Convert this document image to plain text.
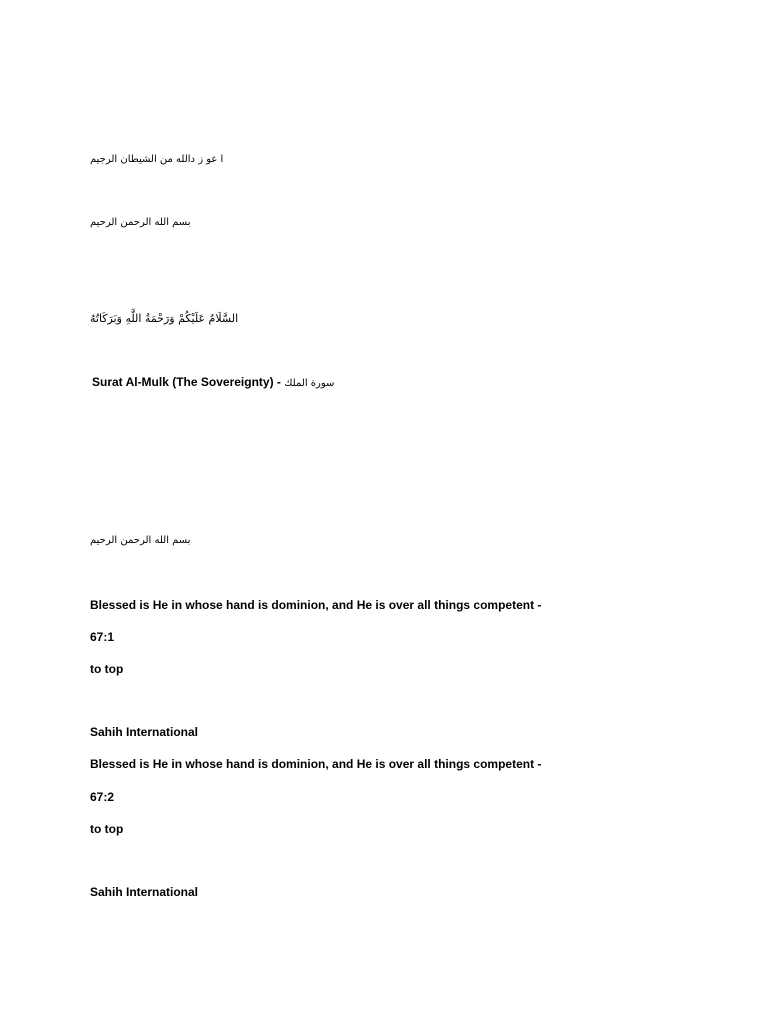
ا عو ز دالله من الشيطان الرجيم
بسم الله الرحمن الرحيم
السَّلَامُ عَلَيْكُمْ وَرَحْمَةُ اللَّهِ وَبَرَكَاتُهُ
Surat Al-Mulk (The Sovereignty) - سورة الملك
بسم الله الرحمن الرحيم
Blessed is He in whose hand is dominion, and He is over all things competent -
67:1
to top
Sahih International
Blessed is He in whose hand is dominion, and He is over all things competent -
67:2
to top
Sahih International
